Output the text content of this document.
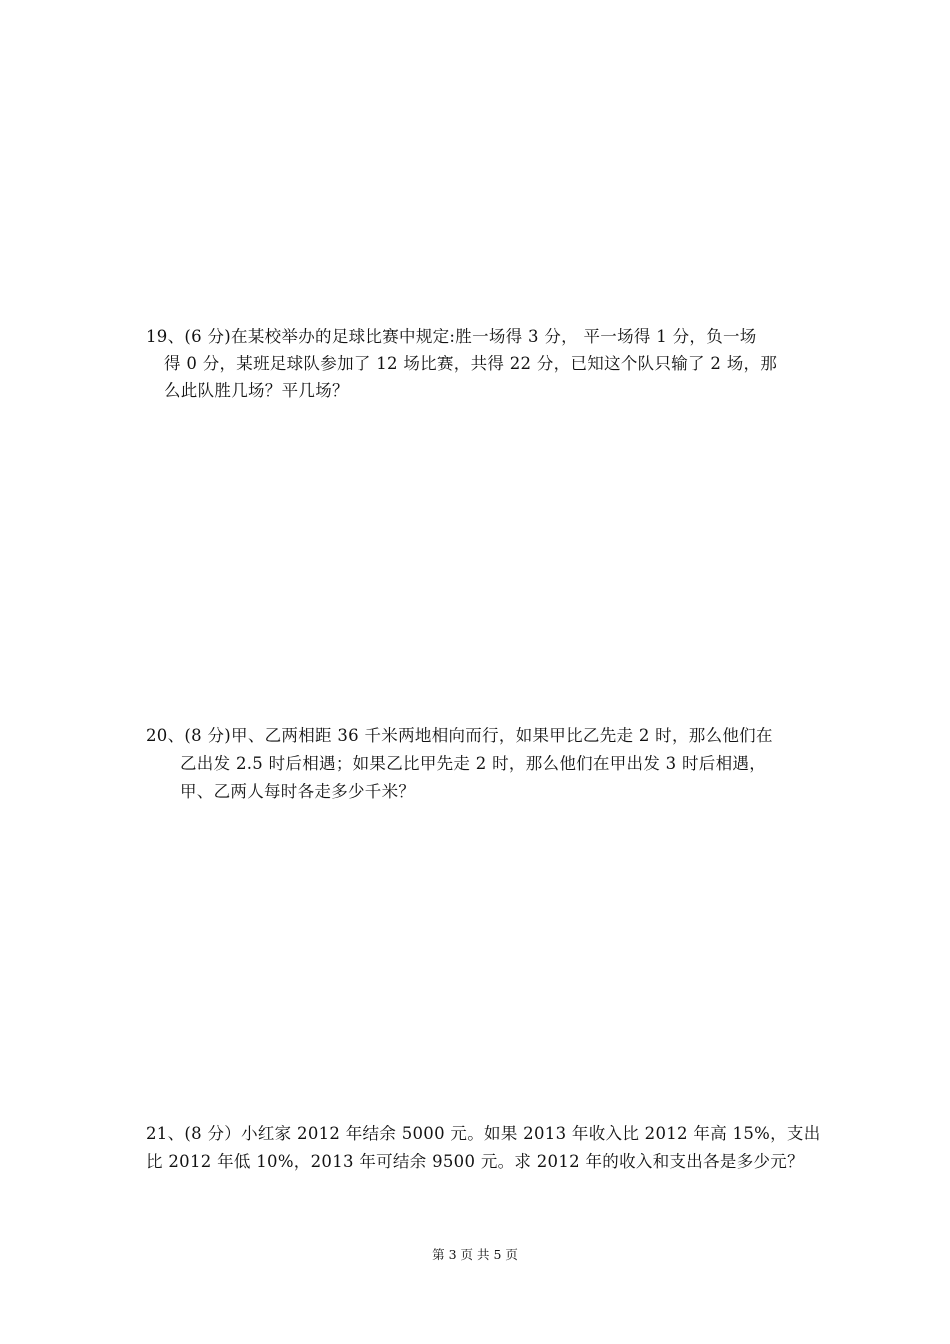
19、(6 分)在某校举办的足球比赛中规定:胜一场得 3 分， 平一场得 1 分，负一场
得 0 分，某班足球队参加了 12 场比赛，共得 22 分，已知这个队只输了 2 场，那
么此队胜几场？平几场？
20、(8 分)甲、乙两相距 36 千米两地相向而行，如果甲比乙先走 2 时，那么他们在
乙出发 2.5 时后相遇；如果乙比甲先走 2 时，那么他们在甲出发 3 时后相遇，
甲、乙两人每时各走多少千米？
21、(8 分）小红家 2012 年结余 5000 元。如果 2013 年收入比 2012 年高 15%，支出
比 2012 年低 10%，2013 年可结余 9500 元。求 2012 年的收入和支出各是多少元？
第 3 页 共 5 页
